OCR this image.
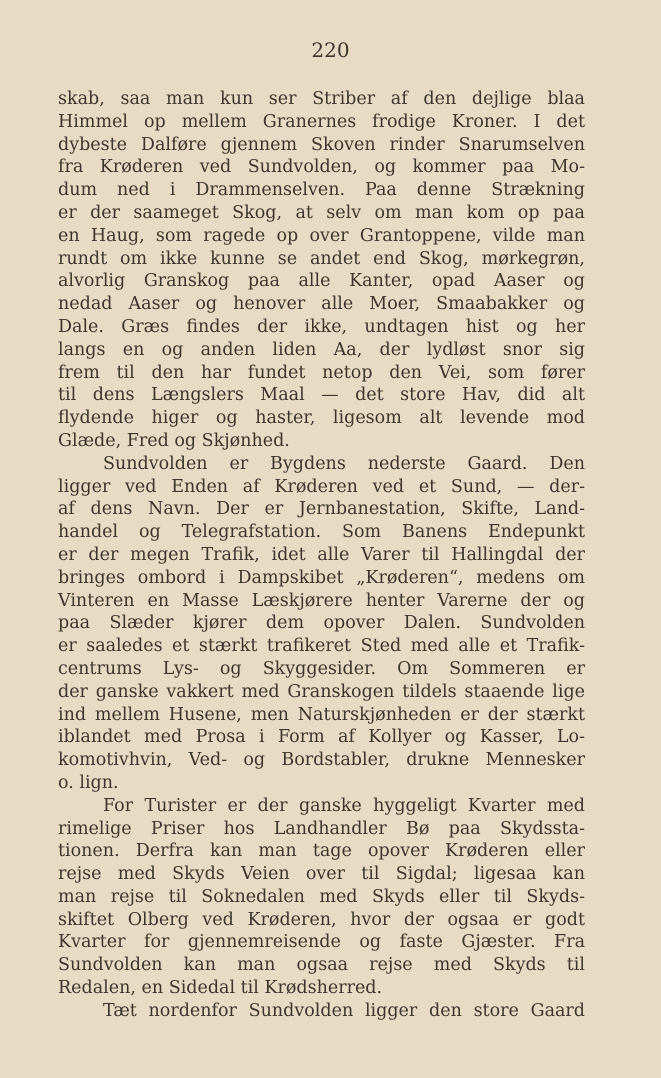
220
skab, saa man kun ser Striber af den dejlige blaa
Himmel op mellem Granernes frodige Kroner. I det
dybeste Dalføre gjennem Skoven rinder Snarumselven
fra Krøderen ved Sundvolden, og kommer paa Mo-
dum ned i Drammenselven. Paa denne Strækning
er der saameget Skog, at selv om man kom op paa
en Haug, som ragede op over Grantoppene, vilde man
rundt om ikke kunne se andet end Skog, mørkegrøn,
alvorlig Granskog paa alle Kanter, opad Aaser og
nedad Aaser og henover alle Moer, Smaabakker og
Dale. Græs findes der ikke, undtagen hist og her
langs en og anden liden Aa, der lydløst snor sig
frem til den har fundet netop den Vei, som fører
til dens Længslers Maal — det store Hav, did alt
flydende higer og haster, ligesom alt levende mod
Glæde, Fred og Skjønhed.
Sundvolden er Bygdens nederste Gaard. Den
ligger ved Enden af Krøderen ved et Sund, — der-
af dens Navn. Der er Jernbanestation, Skifte, Land-
handel og Telegrafstation. Som Banens Endepunkt
er der megen Trafik, idet alle Varer til Hallingdal der
bringes ombord i Dampskibet „Krøderen“, medens om
Vinteren en Masse Læskjørere henter Varerne der og
paa Slæder kjører dem opover Dalen. Sundvolden
er saaledes et stærkt trafikeret Sted med alle et Trafik-
centrums Lys- og Skyggesider. Om Sommeren er
der ganske vakkert med Granskogen tildels staaende lige
ind mellem Husene, men Naturskjønheden er der stærkt
iblandet med Prosa i Form af Kollyer og Kasser, Lo-
komotivhvin, Ved- og Bordstabler, drukne Mennesker
o. lign.
For Turister er der ganske hyggeligt Kvarter med
rimelige Priser hos Landhandler Bø paa Skydssta-
tionen. Derfra kan man tage opover Krøderen eller
rejse med Skyds Veien over til Sigdal; ligesaa kan
man rejse til Soknedalen med Skyds eller til Skyds-
skiftet Olberg ved Krøderen, hvor der ogsaa er godt
Kvarter for gjennemreisende og faste Gjæster. Fra
Sundvolden kan man ogsaa rejse med Skyds til
Redalen, en Sidedal til Krødsherred.
Tæt nordenfor Sundvolden ligger den store Gaard
